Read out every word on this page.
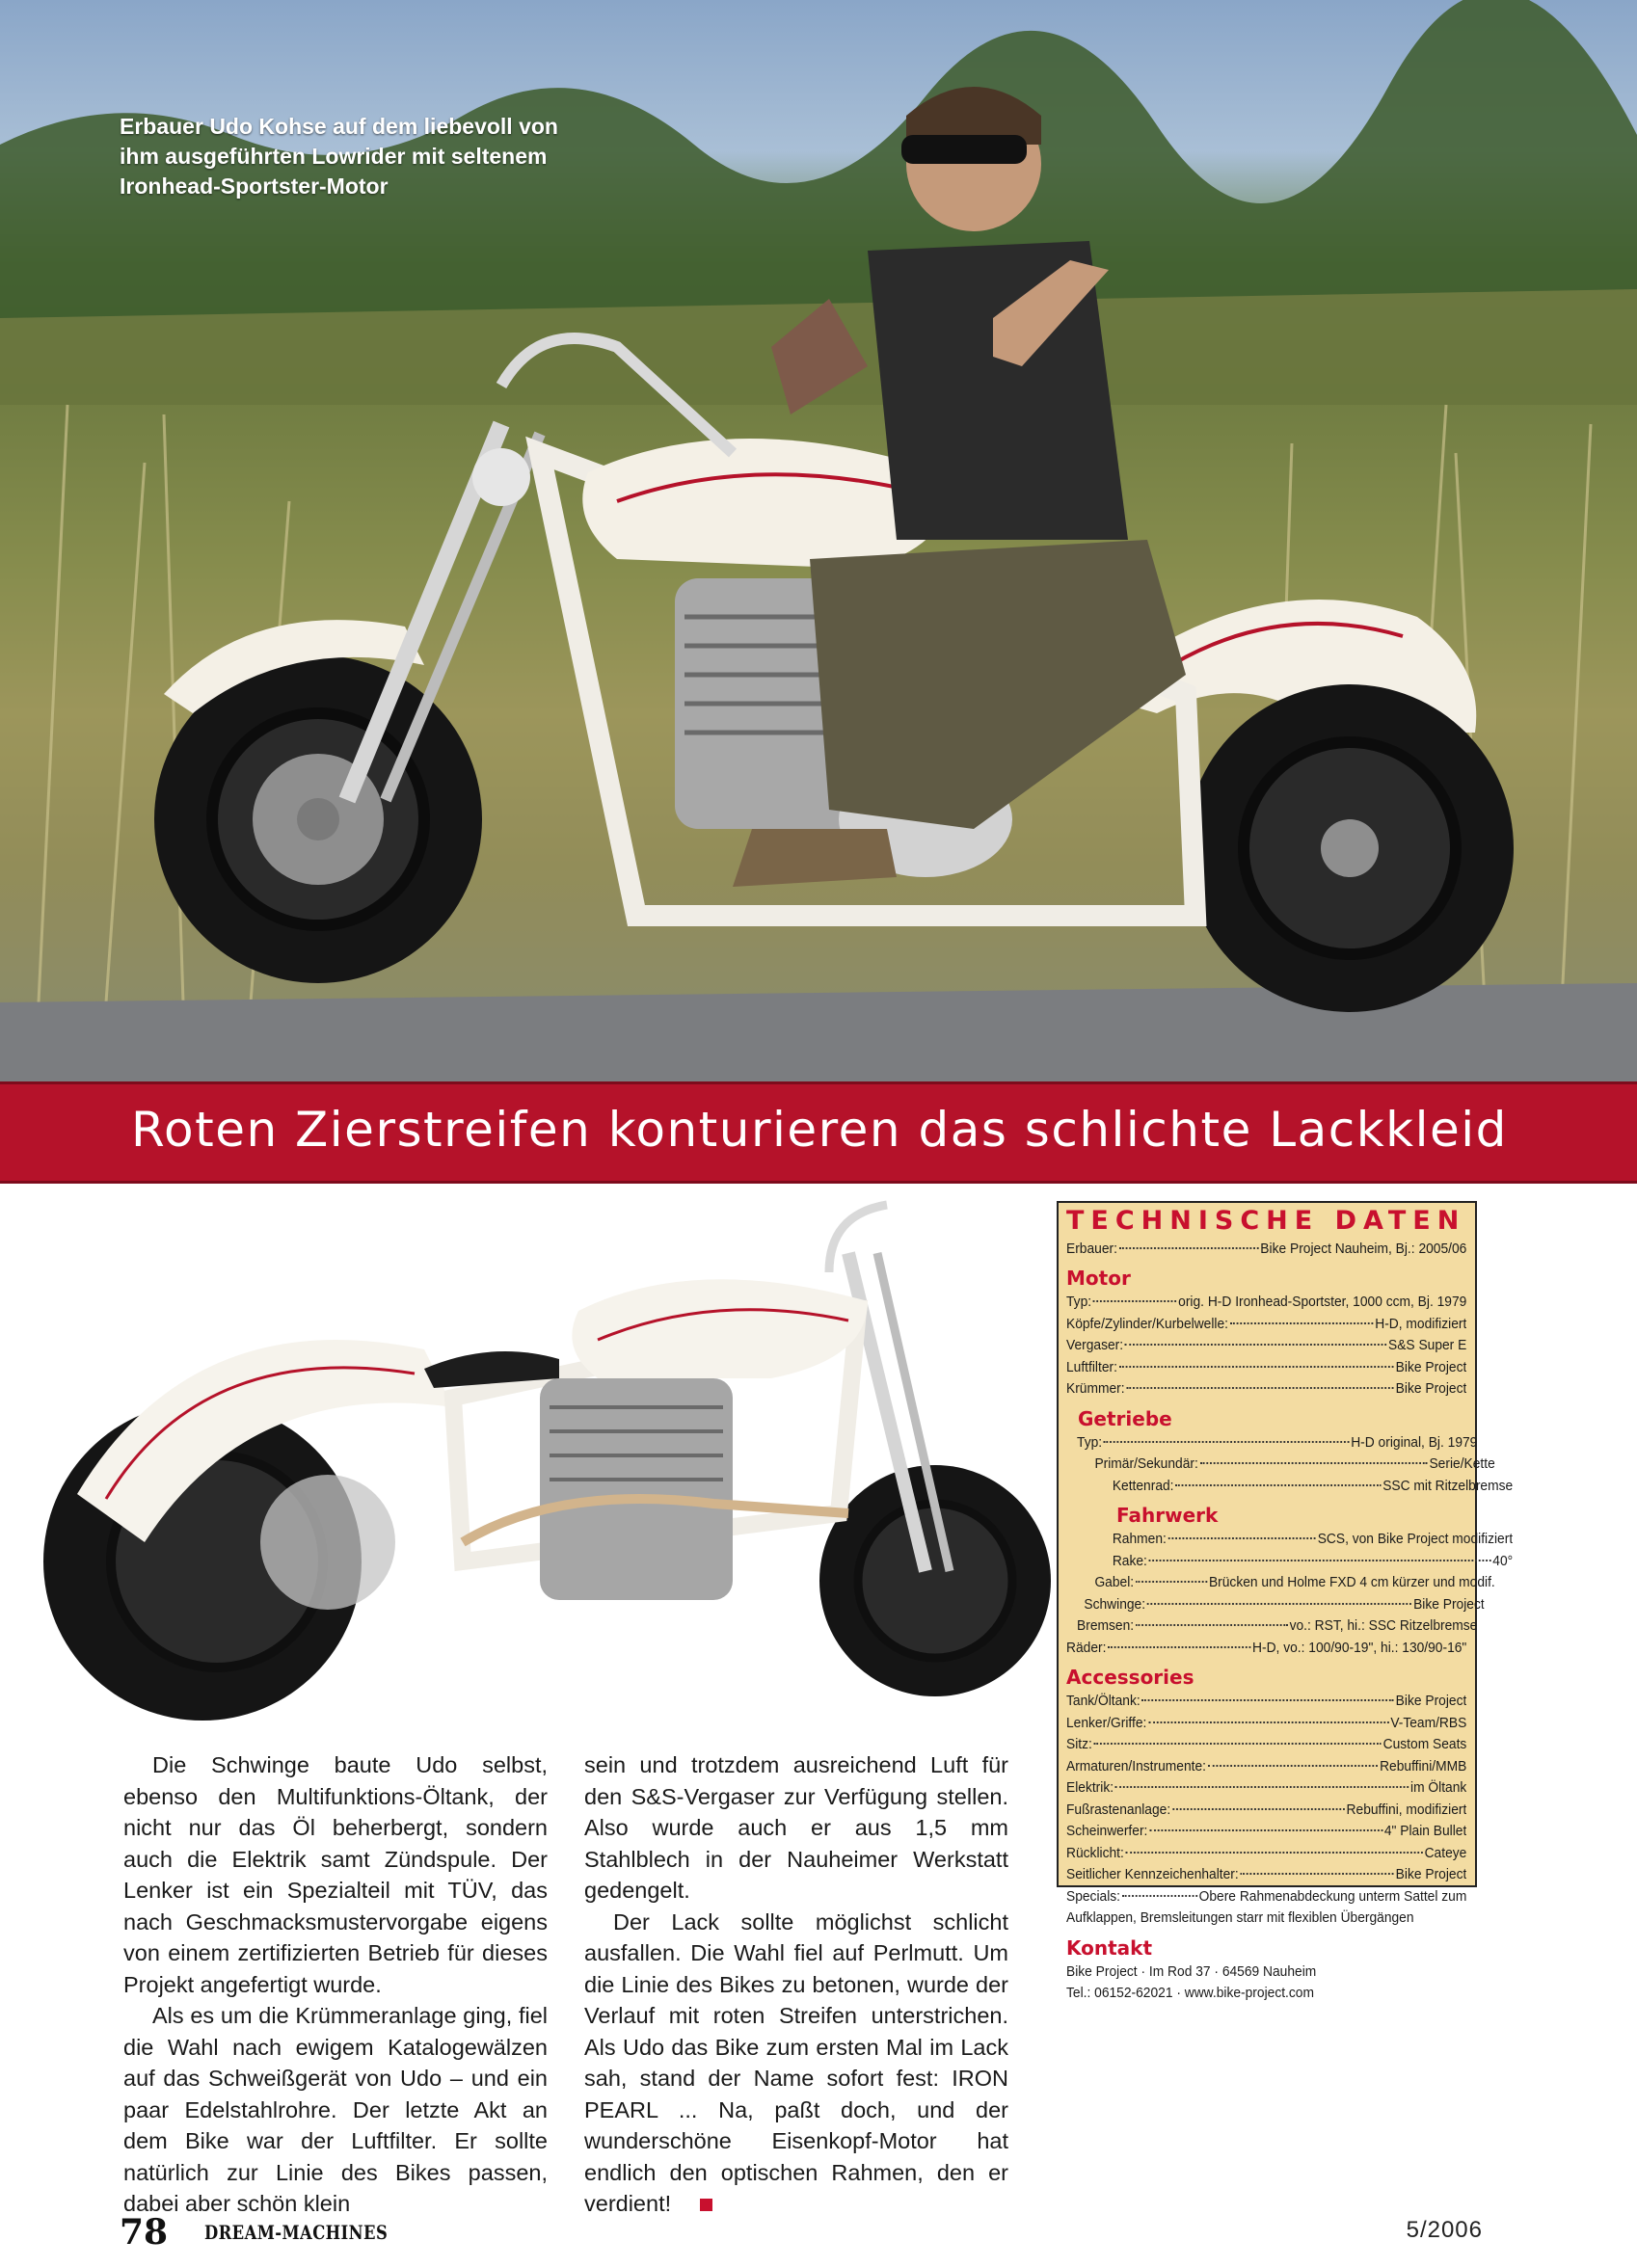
Erbauer Udo Kohse auf dem liebevoll von ihm ausgeführten Lowrider mit seltenem Ironhead-Sportster-Motor
Roten Zierstreifen konturieren das schlichte Lackkleid

Die Schwinge baute Udo selbst, ebenso den Multifunktions-Öltank, der nicht nur das Öl beherbergt, sondern auch die Elektrik samt Zündspule. Der Lenker ist ein Spezialteil mit TÜV, das nach Geschmacksmustervorgabe eigens von einem zertifizierten Betrieb für dieses Projekt angefertigt wurde.

Als es um die Krümmeranlage ging, fiel die Wahl nach ewigem Katalogewälzen auf das Schweißgerät von Udo – und ein paar Edelstahlrohre. Der letzte Akt an dem Bike war der Luftfilter. Er sollte natürlich zur Linie des Bikes passen, dabei aber schön klein

sein und trotzdem ausreichend Luft für den S&S-Vergaser zur Verfügung stellen. Also wurde auch er aus 1,5 mm Stahlblech in der Nauheimer Werkstatt gedengelt.

Der Lack sollte möglichst schlicht ausfallen. Die Wahl fiel auf Perlmutt. Um die Linie des Bikes zu betonen, wurde der Verlauf mit roten Streifen unterstrichen. Als Udo das Bike zum ersten Mal im Lack sah, stand der Name sofort fest: IRON PEARL ... Na, paßt doch, und der wunderschöne Eisenkopf-Motor hat endlich den optischen Rahmen, den er verdient!

TECHNISCHE DATEN
Erbauer:	Bike Project Nauheim, Bj.: 2005/06
Motor
Typ:	orig. H-D Ironhead-Sportster, 1000 ccm, Bj. 1979
Köpfe/Zylinder/Kurbelwelle:	H-D, modifiziert
Vergaser:	S&S Super E
Luftfilter:	Bike Project
Krümmer:	Bike Project
Getriebe
Typ:	H-D original, Bj. 1979
Primär/Sekundär:	Serie/Kette
Kettenrad:	SSC mit Ritzelbremse
Fahrwerk
Rahmen:	SCS, von Bike Project modifiziert
Rake:	40°
Gabel:	Brücken und Holme FXD 4 cm kürzer und modif.
Schwinge:	Bike Project
Bremsen:	vo.: RST, hi.: SSC Ritzelbremse
Räder:	H-D, vo.: 100/90-19", hi.: 130/90-16"
Accessories
Tank/Öltank:	Bike Project
Lenker/Griffe:	V-Team/RBS
Sitz:	Custom Seats
Armaturen/Instrumente:	Rebuffini/MMB
Elektrik:	im Öltank
Fußrastenanlage:	Rebuffini, modifiziert
Scheinwerfer:	4" Plain Bullet
Rücklicht:	Cateye
Seitlicher Kennzeichenhalter:	Bike Project
Specials:	Obere Rahmenabdeckung unterm Sattel zum
Aufklappen, Bremsleitungen starr mit flexiblen Übergängen
Kontakt
Bike Project · Im Rod 37 · 64569 Nauheim
Tel.: 06152-62021 · www.bike-project.com
78 DREAM-MACHINES	5/2006
